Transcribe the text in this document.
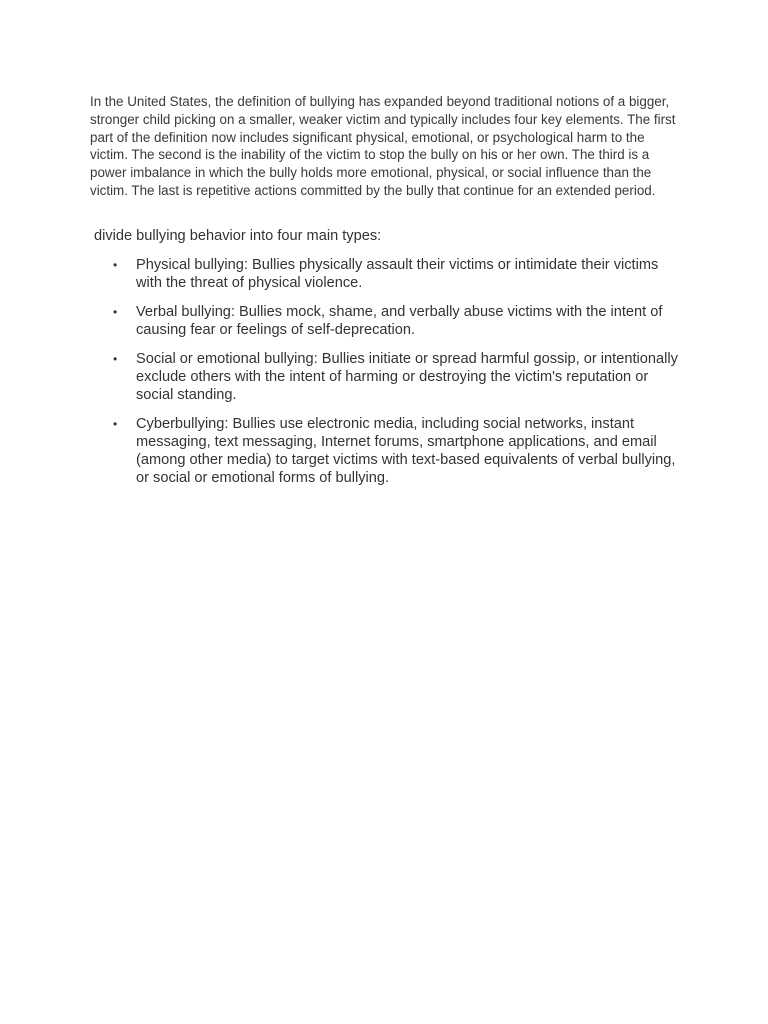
In the United States, the definition of bullying has expanded beyond traditional notions of a bigger, stronger child picking on a smaller, weaker victim and typically includes four key elements. The first part of the definition now includes significant physical, emotional, or psychological harm to the victim. The second is the inability of the victim to stop the bully on his or her own. The third is a power imbalance in which the bully holds more emotional, physical, or social influence than the victim. The last is repetitive actions committed by the bully that continue for an extended period.

divide bullying behavior into four main types:

• Physical bullying: Bullies physically assault their victims or intimidate their victims with the threat of physical violence.
• Verbal bullying: Bullies mock, shame, and verbally abuse victims with the intent of causing fear or feelings of self-deprecation.
• Social or emotional bullying: Bullies initiate or spread harmful gossip, or intentionally exclude others with the intent of harming or destroying the victim's reputation or social standing.
• Cyberbullying: Bullies use electronic media, including social networks, instant messaging, text messaging, Internet forums, smartphone applications, and email (among other media) to target victims with text-based equivalents of verbal bullying, or social or emotional forms of bullying.
